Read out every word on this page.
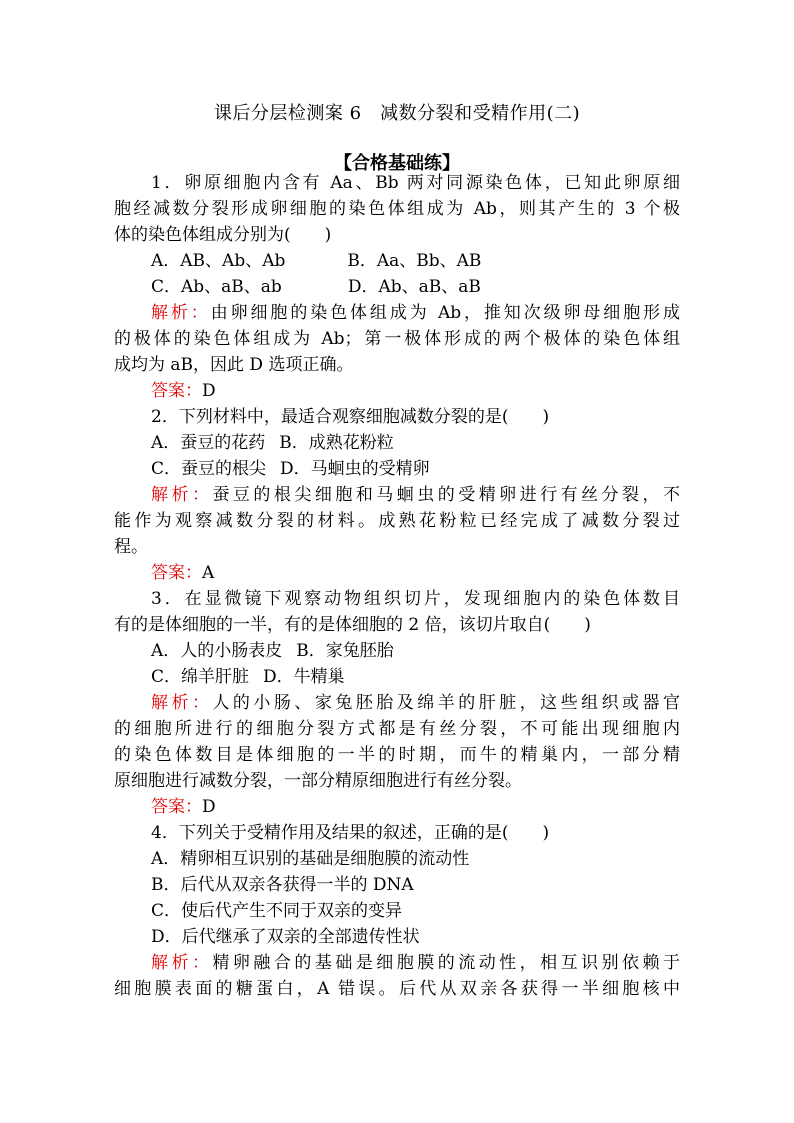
课后分层检测案 6　减数分裂和受精作用(二)
【合格基础练】
1．卵原细胞内含有 Aa、Bb 两对同源染色体，已知此卵原细
胞经减数分裂形成卵细胞的染色体组成为 Ab，则其产生的 3 个极
体的染色体组成分别为(　　)
A．AB、Ab、Ab	B．Aa、Bb、AB
C．Ab、aB、ab	D．Ab、aB、aB
解析：由卵细胞的染色体组成为 Ab，推知次级卵母细胞形成
的极体的染色体组成为 Ab；第一极体形成的两个极体的染色体组
成均为 aB，因此 D 选项正确。
答案：D
2．下列材料中，最适合观察细胞减数分裂的是(　　)
A．蚕豆的花药 B．成熟花粉粒
C．蚕豆的根尖 D．马蛔虫的受精卵
解析：蚕豆的根尖细胞和马蛔虫的受精卵进行有丝分裂，不
能作为观察减数分裂的材料。成熟花粉粒已经完成了减数分裂过
程。
答案：A
3．在显微镜下观察动物组织切片，发现细胞内的染色体数目
有的是体细胞的一半，有的是体细胞的 2 倍，该切片取自(　　)
A．人的小肠表皮 B．家兔胚胎
C．绵羊肝脏 D．牛精巢
解析：人的小肠、家兔胚胎及绵羊的肝脏，这些组织或器官
的细胞所进行的细胞分裂方式都是有丝分裂，不可能出现细胞内
的染色体数目是体细胞的一半的时期，而牛的精巢内，一部分精
原细胞进行减数分裂，一部分精原细胞进行有丝分裂。
答案：D
4．下列关于受精作用及结果的叙述，正确的是(　　)
A．精卵相互识别的基础是细胞膜的流动性
B．后代从双亲各获得一半的 DNA
C．使后代产生不同于双亲的变异
D．后代继承了双亲的全部遗传性状
解析：精卵融合的基础是细胞膜的流动性，相互识别依赖于
细胞膜表面的糖蛋白，A 错误。后代从双亲各获得一半细胞核中
